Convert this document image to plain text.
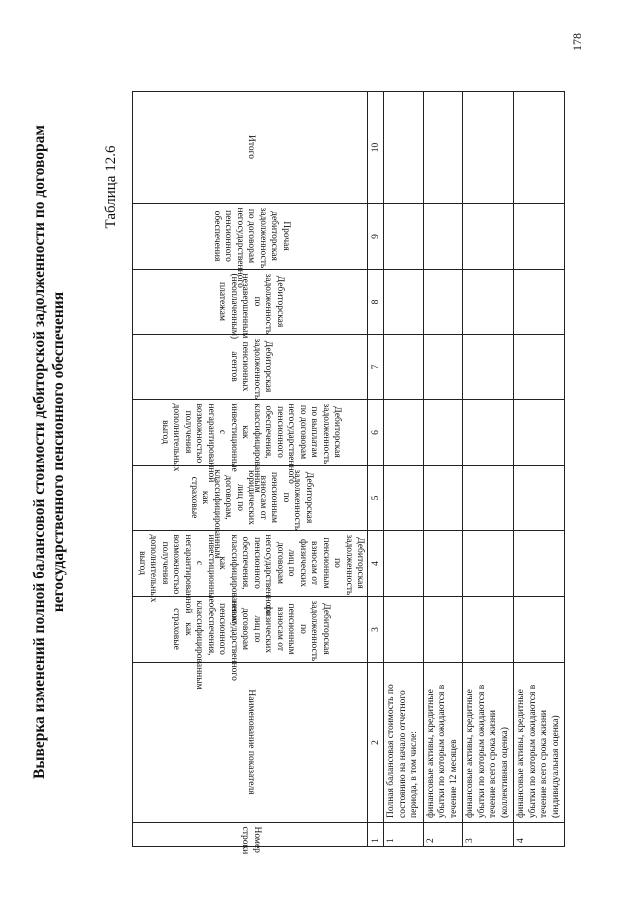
Выверка изменений полной балансовой стоимости дебиторской задолженности по договорам негосударственного пенсионного обеспечения
Таблица 12.6
Номер строки	Наименование показателя	Дебиторская задолженность по пенсионным взносам от физических лиц по договорам негосударственного пенсионного обеспечения, классифицированным как страховые	Дебиторская задолженность по пенсионным взносам от физических лиц по договорам негосударственного пенсионного обеспечения, классифицированным как инвестиционные с негарантированной возможностью получения дополнительных выгод	Дебиторская задолженность по пенсионным взносам от юридических лиц по договорам, классифицированным как страховые	Дебиторская задолженность по выплатам по договорам негосударственного пенсионного обеспечения, классифицированным как инвестиционные с негарантированной возможностью получения дополнительных выгод	Дебиторская задолженность пенсионных агентов	Дебиторская задолженность по незавершенным (неоплаченным) платежам	Прочая дебиторская задолженность по договорам негосударственного пенсионного обеспечения	Итого
1	2	3	4	5	6	7	8	9	10
1	Полная балансовая стоимость по состоянию на начало отчетного периода, в том числе:								
2	финансовые активы, кредитные убытки по которым ожидаются в течение 12 месяцев								
3	финансовые активы, кредитные убытки по которым ожидаются в течение всего срока жизни (коллективная оценка)								
4	финансовые активы, кредитные убытки по которым ожидаются в течение всего срока жизни (индивидуальная оценка)								
178
